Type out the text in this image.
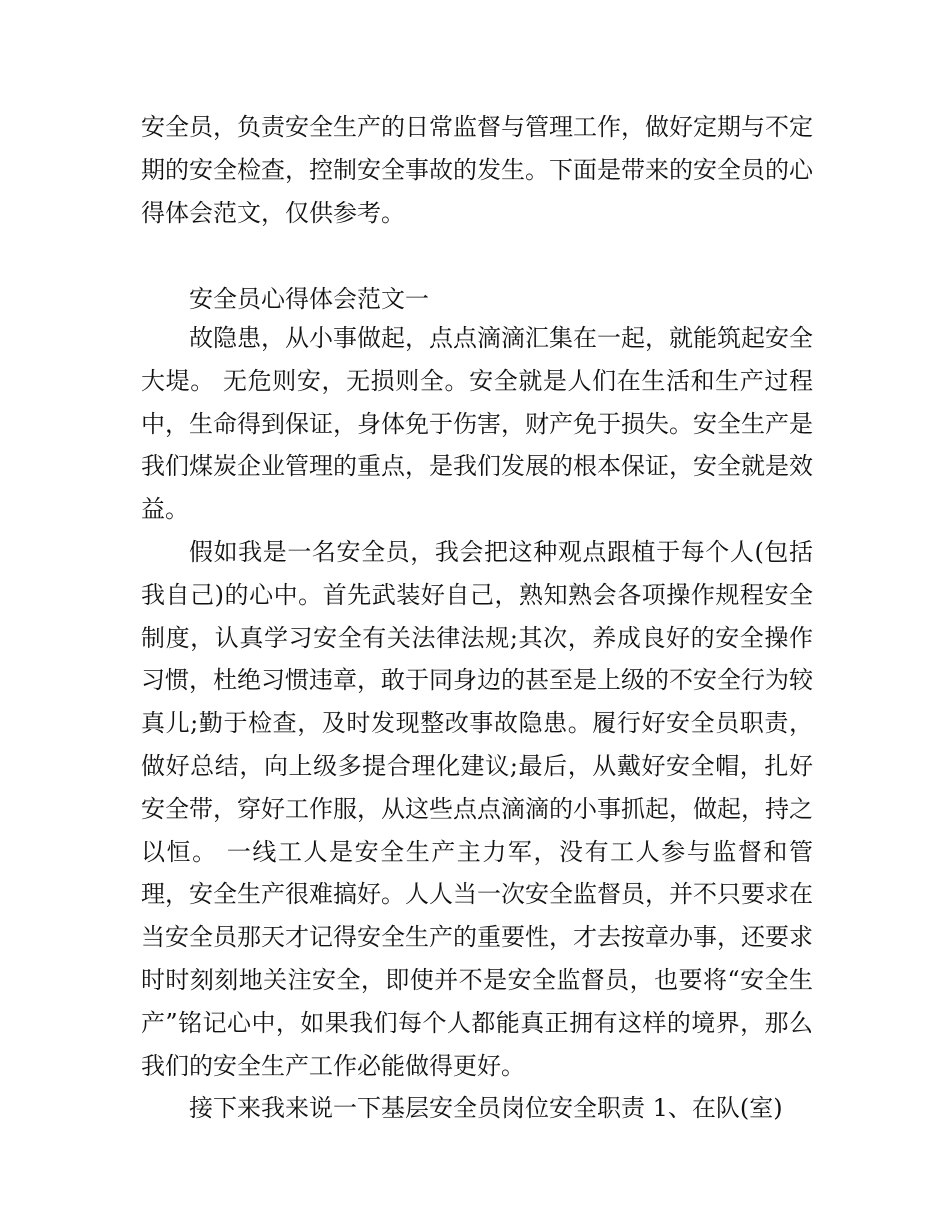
安全员，负责安全生产的日常监督与管理工作，做好定期与不定期的安全检查，控制安全事故的发生。下面是带来的安全员的心得体会范文，仅供参考。
安全员心得体会范文一

故隐患，从小事做起，点点滴滴汇集在一起，就能筑起安全大堤。 无危则安，无损则全。安全就是人们在生活和生产过程中，生命得到保证，身体免于伤害，财产免于损失。安全生产是我们煤炭企业管理的重点，是我们发展的根本保证，安全就是效益。

假如我是一名安全员，我会把这种观点跟植于每个人(包括我自己)的心中。首先武装好自己，熟知熟会各项操作规程安全制度，认真学习安全有关法律法规;其次，养成良好的安全操作习惯，杜绝习惯违章，敢于同身边的甚至是上级的不安全行为较真儿;勤于检查，及时发现整改事故隐患。履行好安全员职责，做好总结，向上级多提合理化建议;最后，从戴好安全帽，扎好安全带，穿好工作服，从这些点点滴滴的小事抓起，做起，持之以恒。 一线工人是安全生产主力军，没有工人参与监督和管理，安全生产很难搞好。人人当一次安全监督员，并不只要求在当安全员那天才记得安全生产的重要性，才去按章办事，还要求时时刻刻地关注安全，即使并不是安全监督员，也要将“安全生产”铭记心中，如果我们每个人都能真正拥有这样的境界，那么我们的安全生产工作必能做得更好。

接下来我来说一下基层安全员岗位安全职责 1、在队(室)
